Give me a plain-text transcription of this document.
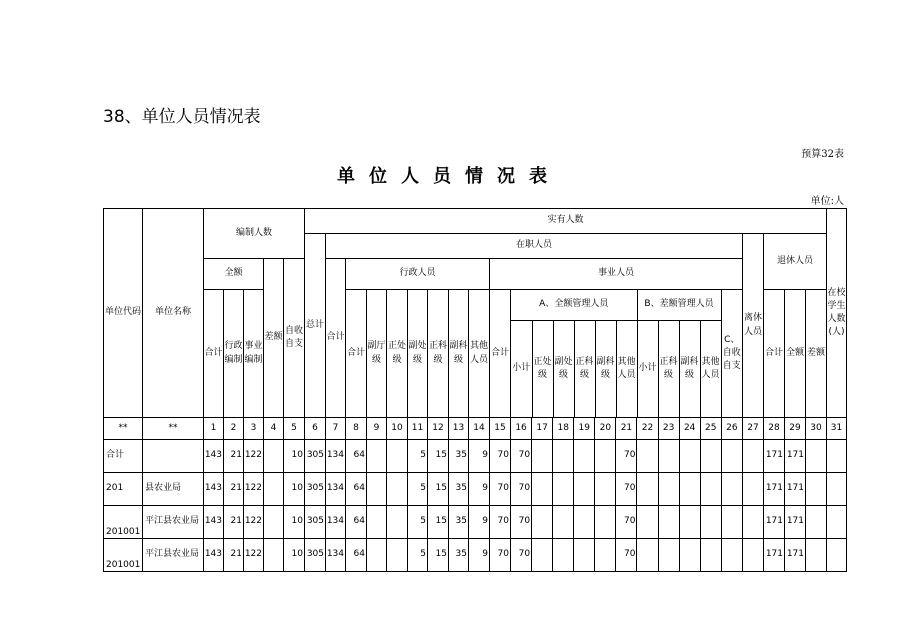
38、单位人员情况表
预算32表
单位人员情况表
单位:人
单位代码	单位名称	编制人数	实有人数	在校学生人数(人)
总计	在职人员	离休人员	退休人员
全额	差额	自收自支	合计	行政人员	事业人员
合计	行政编制	事业编制	合计	副厅级	正处级	副处级	正科级	副科级	其他人员	合计	
A、全额管理人员	B、差额管理人员	C、自收自支
小计	正处级	副处级	正科级	副科级	其他人员	小计	正科级	副科级	其他人员
	合计	全额	差额
**	**	1	2	3	4	5	6	7	8	9	10	11	12	13	14	15	16	17	18	19	20	21	22	23	24	25	26	27	28	29	30	31
合计		143	21	122		10	305	134	64			5	15	35	9	70	70					70							171	171		
201	县农业局	143	21	122		10	305	134	64			5	15	35	9	70	70					70							171	171		
201001	平江县农业局	143	21	122		10	305	134	64			5	15	35	9	70	70					70							171	171		
201001	平江县农业局	143	21	122		10	305	134	64			5	15	35	9	70	70					70							171	171		
